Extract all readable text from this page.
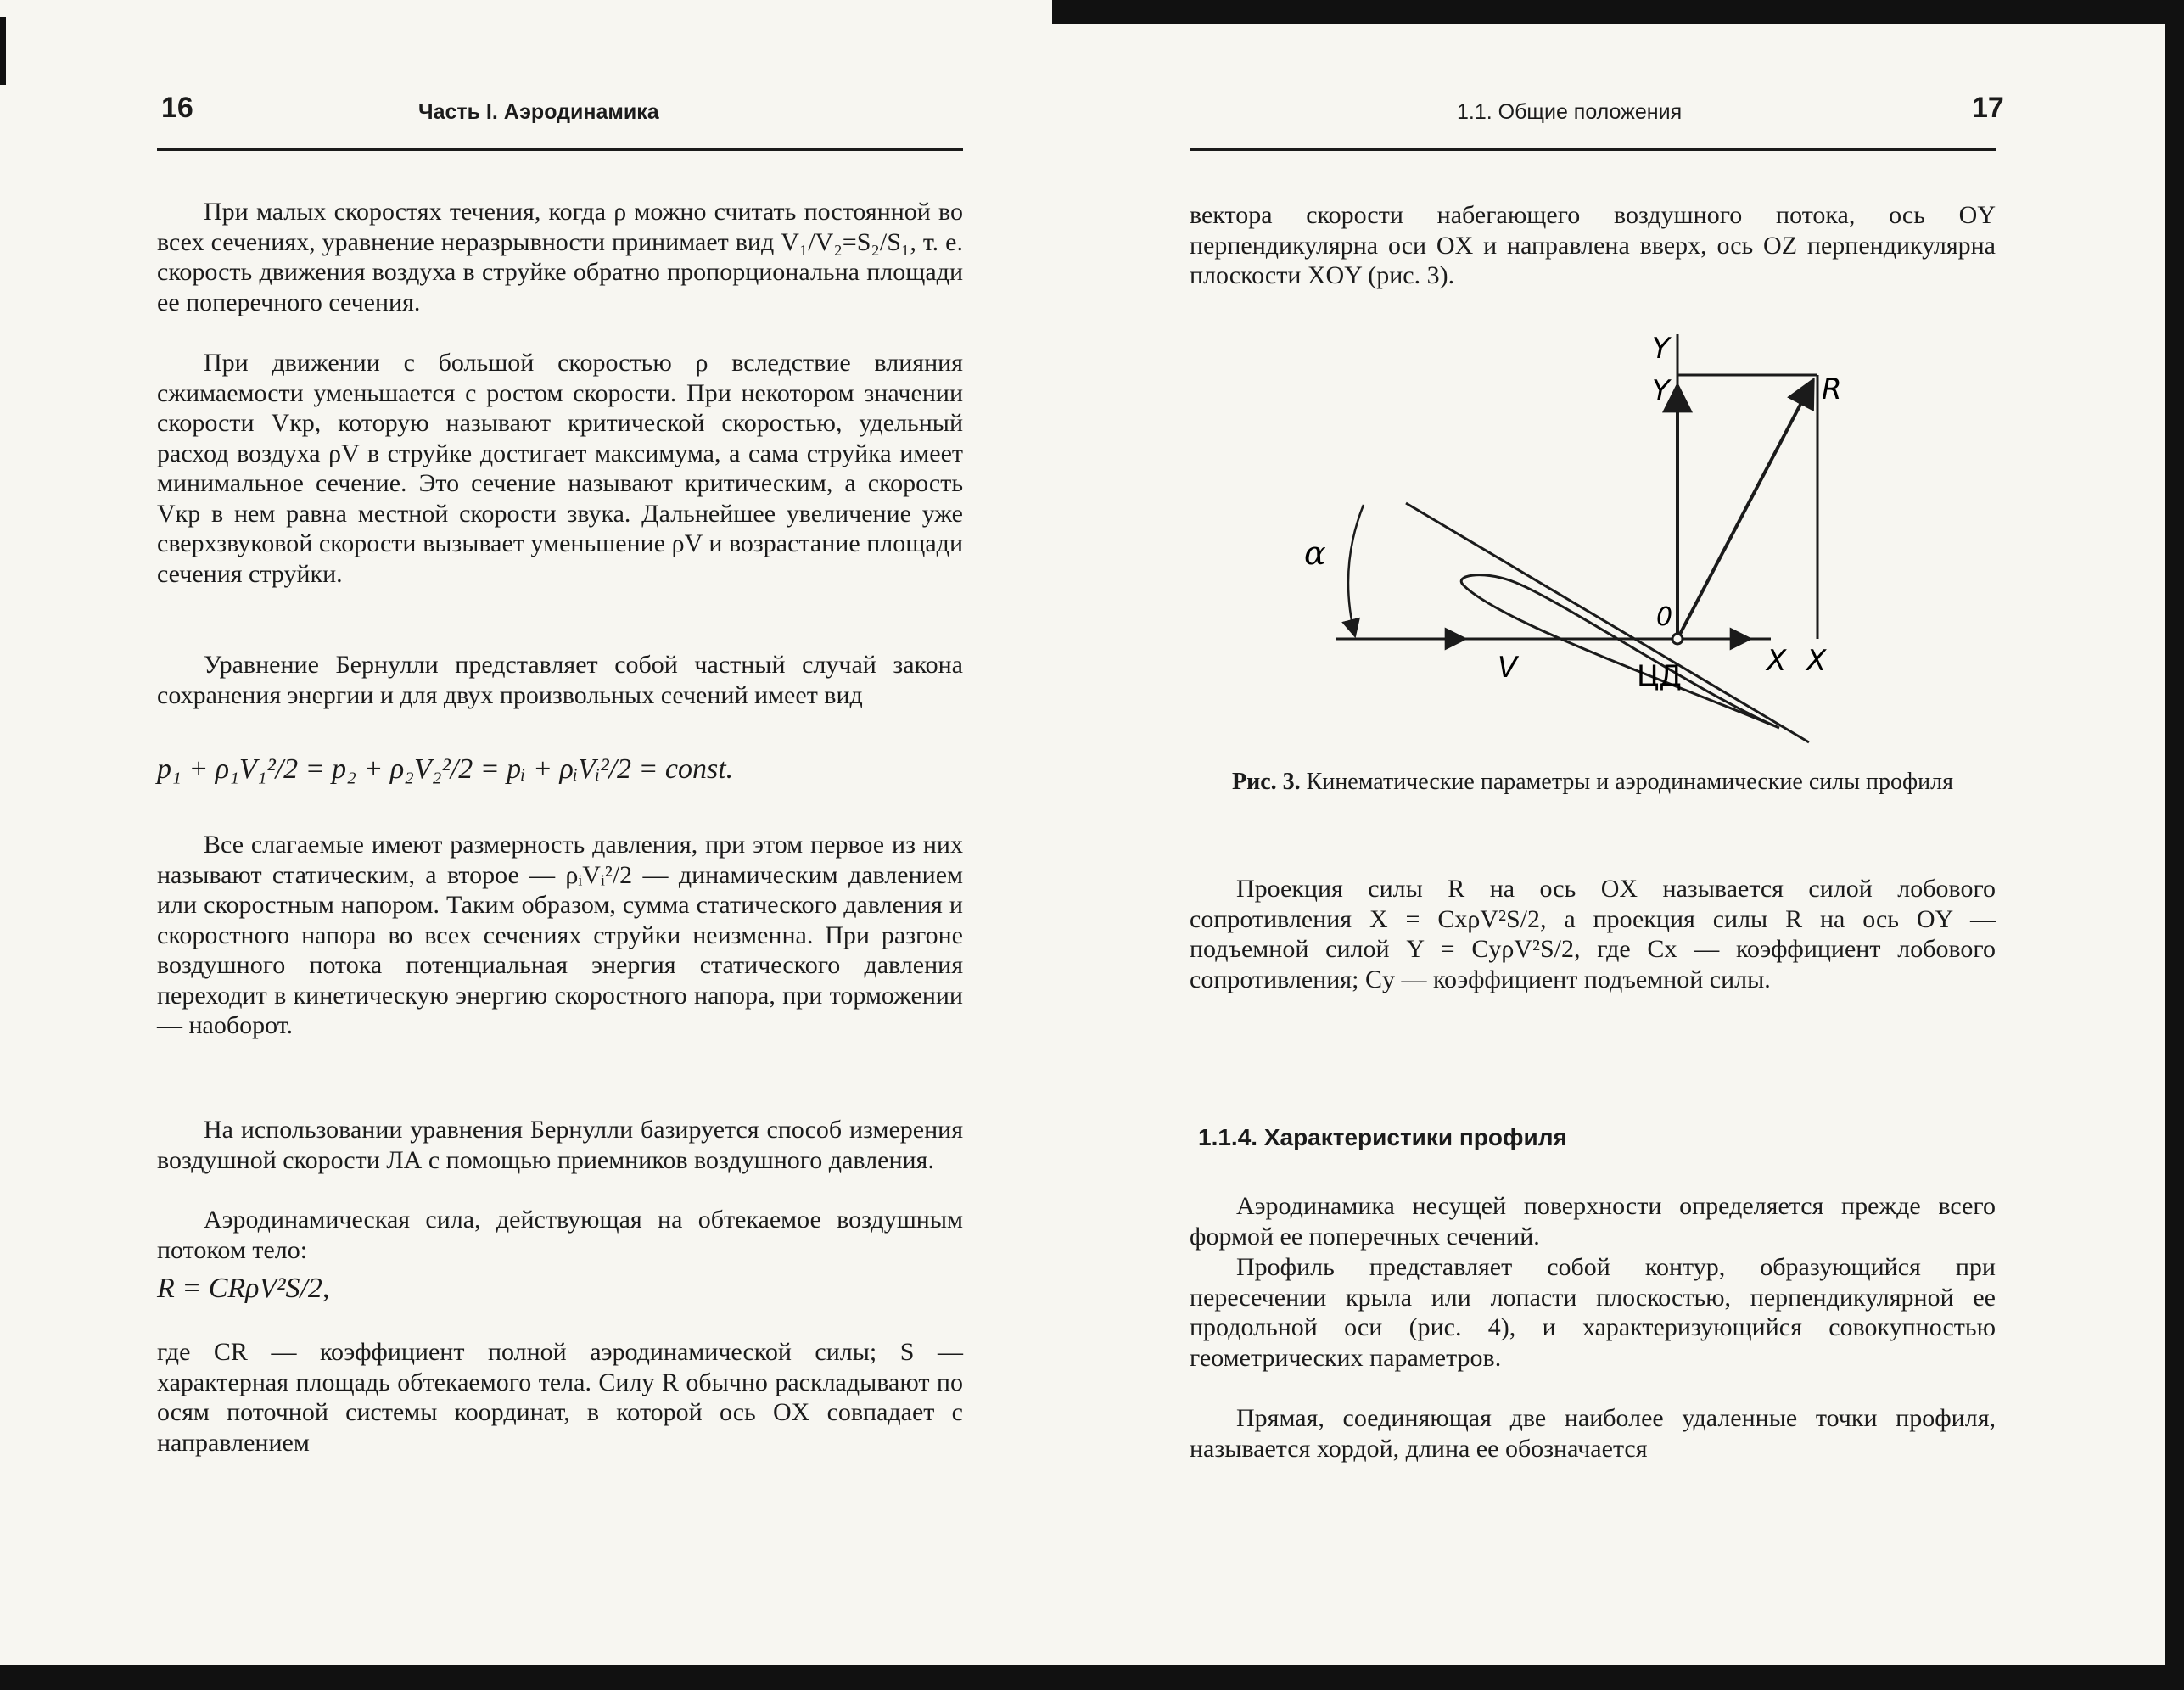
16	Часть I. Аэродинамика
При малых скоростях течения, когда ρ можно считать постоянной во всех сечениях, уравнение неразрывности принимает вид V₁/V₂=S₂/S₁, т. е. скорость движения воздуха в струйке обратно пропорциональна площади ее поперечного сечения.
При движении с большой скоростью ρ вследствие влияния сжимаемости уменьшается с ростом скорости. При некотором значении скорости Vкр, которую называют критической скоростью, удельный расход воздуха ρV в струйке достигает максимума, а сама струйка имеет минимальное сечение. Это сечение называют критическим, а скорость Vкр в нем равна местной скорости звука. Дальнейшее увеличение уже сверхзвуковой скорости вызывает уменьшение ρV и возрастание площади сечения струйки.
Уравнение Бернулли представляет собой частный случай закона сохранения энергии и для двух произвольных сечений имеет вид
p₁ + ρ₁V₁²/2 = p₂ + ρ₂V₂²/2 = pᵢ + ρᵢVᵢ²/2 = const.
Все слагаемые имеют размерность давления, при этом первое из них называют статическим, а второе — ρᵢVᵢ²/2 — динамическим давлением или скоростным напором. Таким образом, сумма статического давления и скоростного напора во всех сечениях струйки неизменна. При разгоне воздушного потока потенциальная энергия статического давления переходит в кинетическую энергию скоростного напора, при торможении — наоборот.
На использовании уравнения Бернулли базируется способ измерения воздушной скорости ЛА с помощью приемников воздушного давления.
Аэродинамическая сила, действующая на обтекаемое воздушным потоком тело:
R = CRρV²S/2,
где CR — коэффициент полной аэродинамической силы; S — характерная площадь обтекаемого тела. Силу R обычно раскладывают по осям поточной системы координат, в которой ось OX совпадает с направлением
1.1. Общие положения	17
вектора скорости набегающего воздушного потока, ось OY перпендикулярна оси OX и направлена вверх, ось OZ перпендикулярна плоскости XOY (рис. 3).
Y
Y	R
α
0
V	ЦД	X X
Рис. 3. Кинематические параметры и аэродинамические силы профиля
Проекция силы R на ось OX называется силой лобового сопротивления X = CxρV²S/2, а проекция силы R на ось OY — подъемной силой Y = CyρV²S/2, где Cx — коэффициент лобового сопротивления; Cy — коэффициент подъемной силы.
1.1.4. Характеристики профиля
Аэродинамика несущей поверхности определяется прежде всего формой ее поперечных сечений.
Профиль представляет собой контур, образующийся при пересечении крыла или лопасти плоскостью, перпендикулярной ее продольной оси (рис. 4), и характеризующийся совокупностью геометрических параметров.
Прямая, соединяющая две наиболее удаленные точки профиля, называется хордой, длина ее обозначается
